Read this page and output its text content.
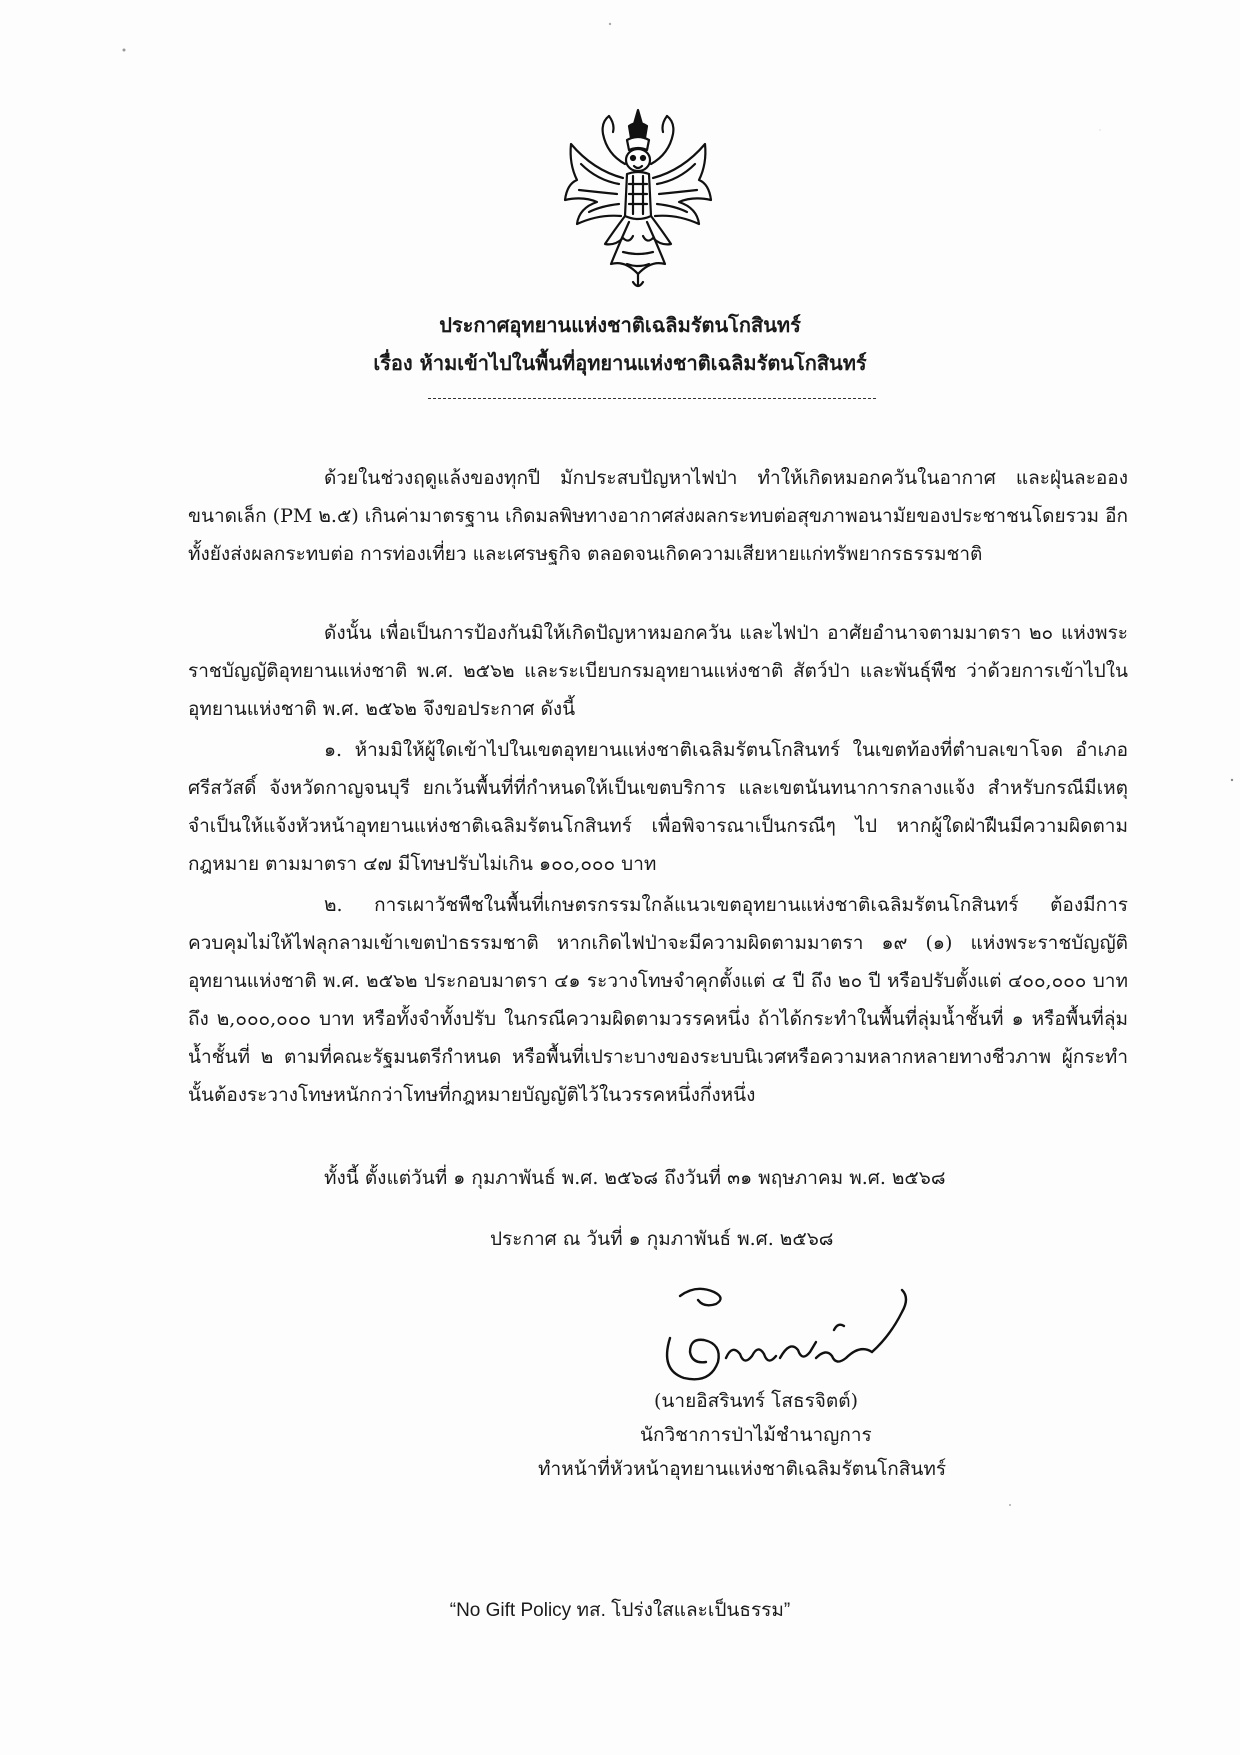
ประกาศอุทยานแห่งชาติเฉลิมรัตนโกสินทร์
เรื่อง ห้ามเข้าไปในพื้นที่อุทยานแห่งชาติเฉลิมรัตนโกสินทร์
ด้วยในช่วงฤดูแล้งของทุกปี มักประสบปัญหาไฟป่า ทำให้เกิดหมอกควันในอากาศ และฝุ่นละอองขนาดเล็ก (PM ๒.๕) เกินค่ามาตรฐาน เกิดมลพิษทางอากาศส่งผลกระทบต่อสุขภาพอนามัยของประชาชนโดยรวม อีกทั้งยังส่งผลกระทบต่อ การท่องเที่ยว และเศรษฐกิจ ตลอดจนเกิดความเสียหายแก่ทรัพยากรธรรมชาติ
ดังนั้น เพื่อเป็นการป้องกันมิให้เกิดปัญหาหมอกควัน และไฟป่า อาศัยอำนาจตามมาตรา ๒๐ แห่งพระราชบัญญัติอุทยานแห่งชาติ พ.ศ. ๒๕๖๒ และระเบียบกรมอุทยานแห่งชาติ สัตว์ป่า และพันธุ์พืช ว่าด้วยการเข้าไปในอุทยานแห่งชาติ พ.ศ. ๒๕๖๒ จึงขอประกาศ ดังนี้
๑. ห้ามมิให้ผู้ใดเข้าไปในเขตอุทยานแห่งชาติเฉลิมรัตนโกสินทร์ ในเขตท้องที่ตำบลเขาโจด อำเภอศรีสวัสดิ์ จังหวัดกาญจนบุรี ยกเว้นพื้นที่ที่กำหนดให้เป็นเขตบริการ และเขตนันทนาการกลางแจ้ง สำหรับกรณีมีเหตุจำเป็นให้แจ้งหัวหน้าอุทยานแห่งชาติเฉลิมรัตนโกสินทร์ เพื่อพิจารณาเป็นกรณีๆ ไป หากผู้ใดฝ่าฝืนมีความผิดตามกฎหมาย ตามมาตรา ๔๗ มีโทษปรับไม่เกิน ๑๐๐,๐๐๐ บาท
๒. การเผาวัชพืชในพื้นที่เกษตรกรรมใกล้แนวเขตอุทยานแห่งชาติเฉลิมรัตนโกสินทร์ ต้องมีการควบคุมไม่ให้ไฟลุกลามเข้าเขตป่าธรรมชาติ หากเกิดไฟป่าจะมีความผิดตามมาตรา ๑๙ (๑) แห่งพระราชบัญญัติอุทยานแห่งชาติ พ.ศ. ๒๕๖๒ ประกอบมาตรา ๔๑ ระวางโทษจำคุกตั้งแต่ ๔ ปี ถึง ๒๐ ปี หรือปรับตั้งแต่ ๔๐๐,๐๐๐ บาท ถึง ๒,๐๐๐,๐๐๐ บาท หรือทั้งจำทั้งปรับ ในกรณีความผิดตามวรรคหนึ่ง ถ้าได้กระทำในพื้นที่ลุ่มน้ำชั้นที่ ๑ หรือพื้นที่ลุ่มน้ำชั้นที่ ๒ ตามที่คณะรัฐมนตรีกำหนด หรือพื้นที่เปราะบางของระบบนิเวศหรือความหลากหลายทางชีวภาพ ผู้กระทำนั้นต้องระวางโทษหนักกว่าโทษที่กฎหมายบัญญัติไว้ในวรรคหนึ่งกึ่งหนึ่ง
ทั้งนี้ ตั้งแต่วันที่ ๑ กุมภาพันธ์ พ.ศ. ๒๕๖๘ ถึงวันที่ ๓๑ พฤษภาคม พ.ศ. ๒๕๖๘
ประกาศ ณ วันที่ ๑ กุมภาพันธ์ พ.ศ. ๒๕๖๘
(นายอิสรินทร์ โสธรจิตต์)
นักวิชาการป่าไม้ชำนาญการ
ทำหน้าที่หัวหน้าอุทยานแห่งชาติเฉลิมรัตนโกสินทร์
“No Gift Policy ทส. โปร่งใสและเป็นธรรม”
